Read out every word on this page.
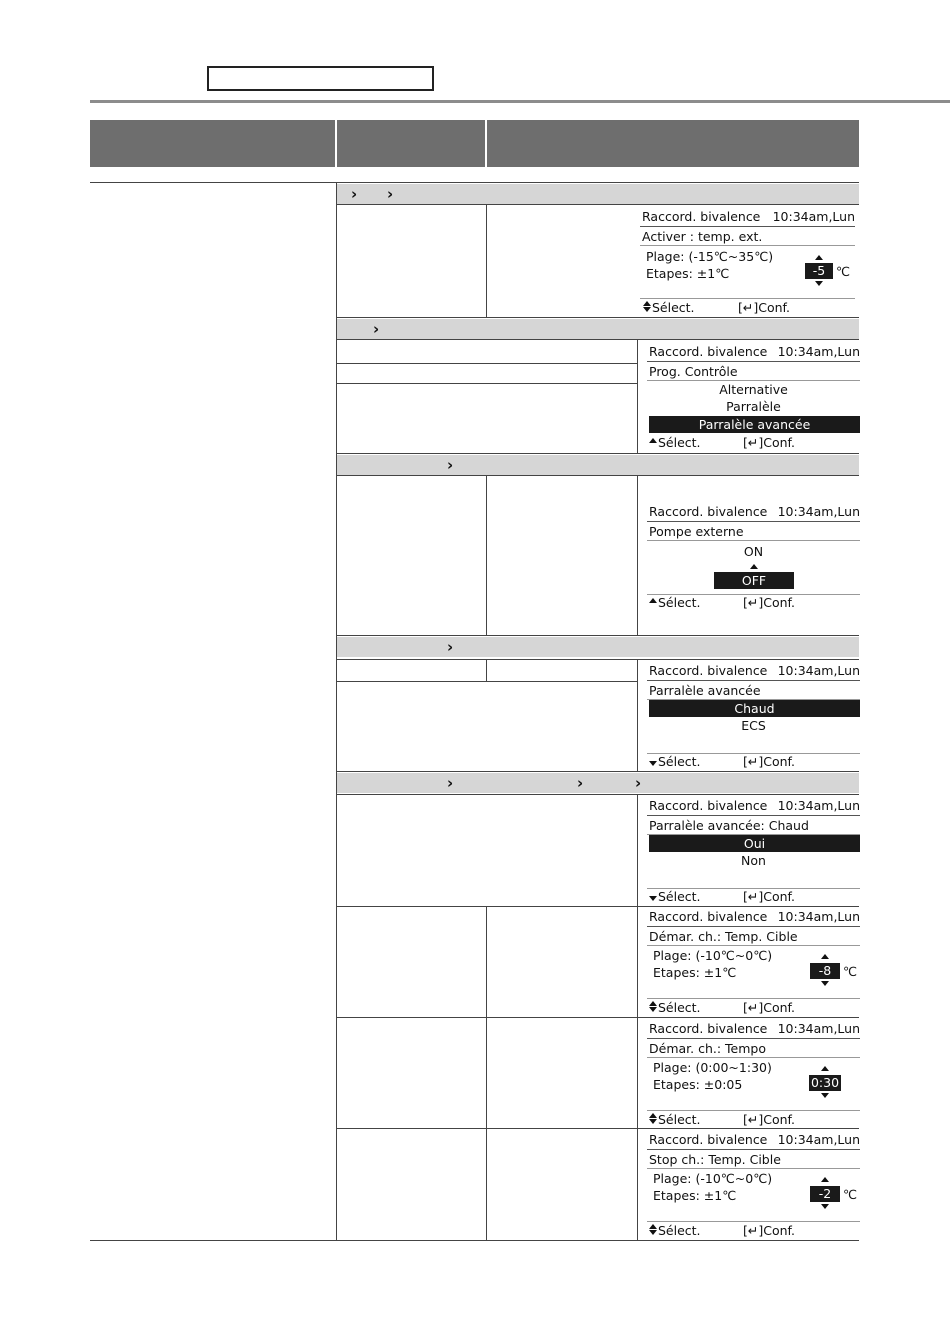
› ›
›
›
›
›	›	›
Raccord. bivalence 10:34am,Lun
Activer : temp. ext.
Plage: (-15℃~35℃)
Etapes: ±1℃	-5 ℃
Sélect.	[↵]Conf.
Raccord. bivalence 10:34am,Lun
Prog. Contrôle
Alternative
Parralèle
Parralèle avancée
Sélect.	[↵]Conf.
Raccord. bivalence 10:34am,Lun
Pompe externe
ON
OFF
Sélect.	[↵]Conf.
Raccord. bivalence 10:34am,Lun
Parralèle avancée
Chaud
ECS
Sélect.	[↵]Conf.
Raccord. bivalence 10:34am,Lun
Parralèle avancée: Chaud
Oui
Non
Sélect.	[↵]Conf.
Raccord. bivalence 10:34am,Lun
Démar. ch.: Temp. Cible
Plage: (-10℃~0℃)
Etapes: ±1℃	-8 ℃
Sélect.	[↵]Conf.
Raccord. bivalence 10:34am,Lun
Démar. ch.: Tempo
Plage: (0:00~1:30)
Etapes: ±0:05	0:30
Sélect.	[↵]Conf.
Raccord. bivalence 10:34am,Lun
Stop ch.: Temp. Cible
Plage: (-10℃~0℃)
Etapes: ±1℃	-2 ℃
Sélect.	[↵]Conf.
